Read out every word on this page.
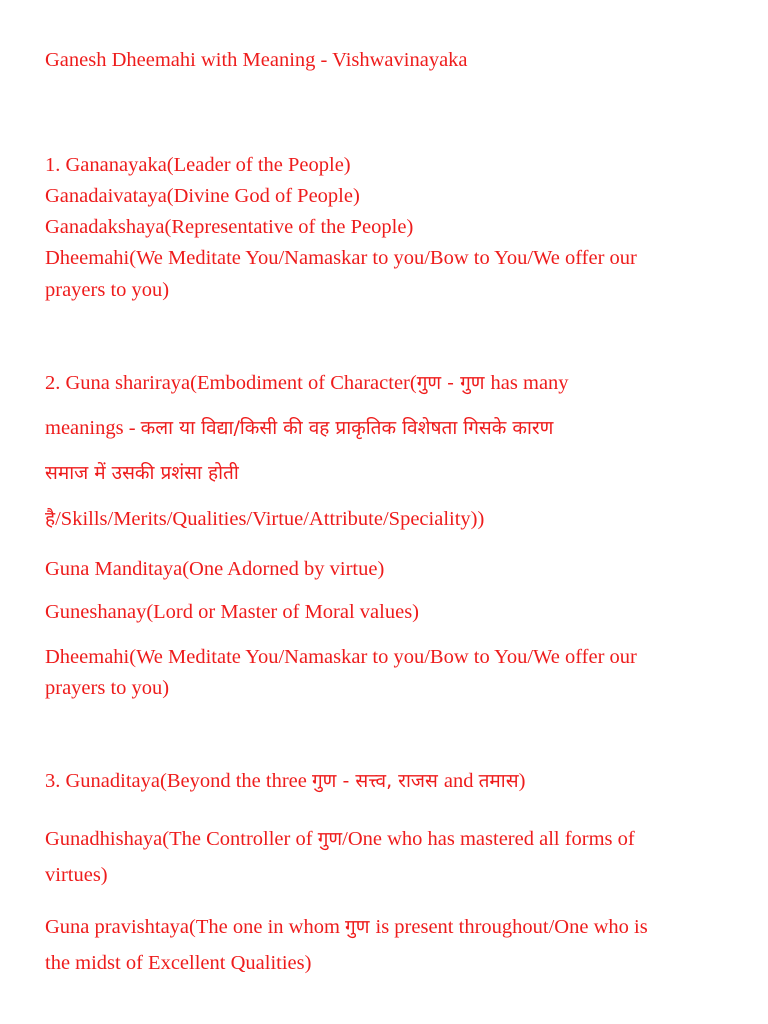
Ganesh Dheemahi with Meaning - Vishwavinayaka
1. Gananayaka(Leader of the People)
Ganadaivataya(Divine God of People)
Ganadakshaya(Representative of the People)
Dheemahi(We Meditate You/Namaskar to you/Bow to You/We offer our
prayers to you)
2. Guna shariraya(Embodiment of Character(गुण - गुण has many
meanings - कला या विद्या/किसी की वह प्राकृतिक विशेषता गिसके कारण
समाज में उसकी प्रशंसा होती
है/Skills/Merits/Qualities/Virtue/Attribute/Speciality))
Guna Manditaya(One Adorned by virtue)
Guneshanay(Lord or Master of Moral values)
Dheemahi(We Meditate You/Namaskar to you/Bow to You/We offer our
prayers to you)
3. Gunaditaya(Beyond the three गुण - सत्त्व, राजस and तमास)
Gunadhishaya(The Controller of गुण/One who has mastered all forms of
virtues)
Guna pravishtaya(The one in whom गुण is present throughout/One who is
the midst of Excellent Qualities)
